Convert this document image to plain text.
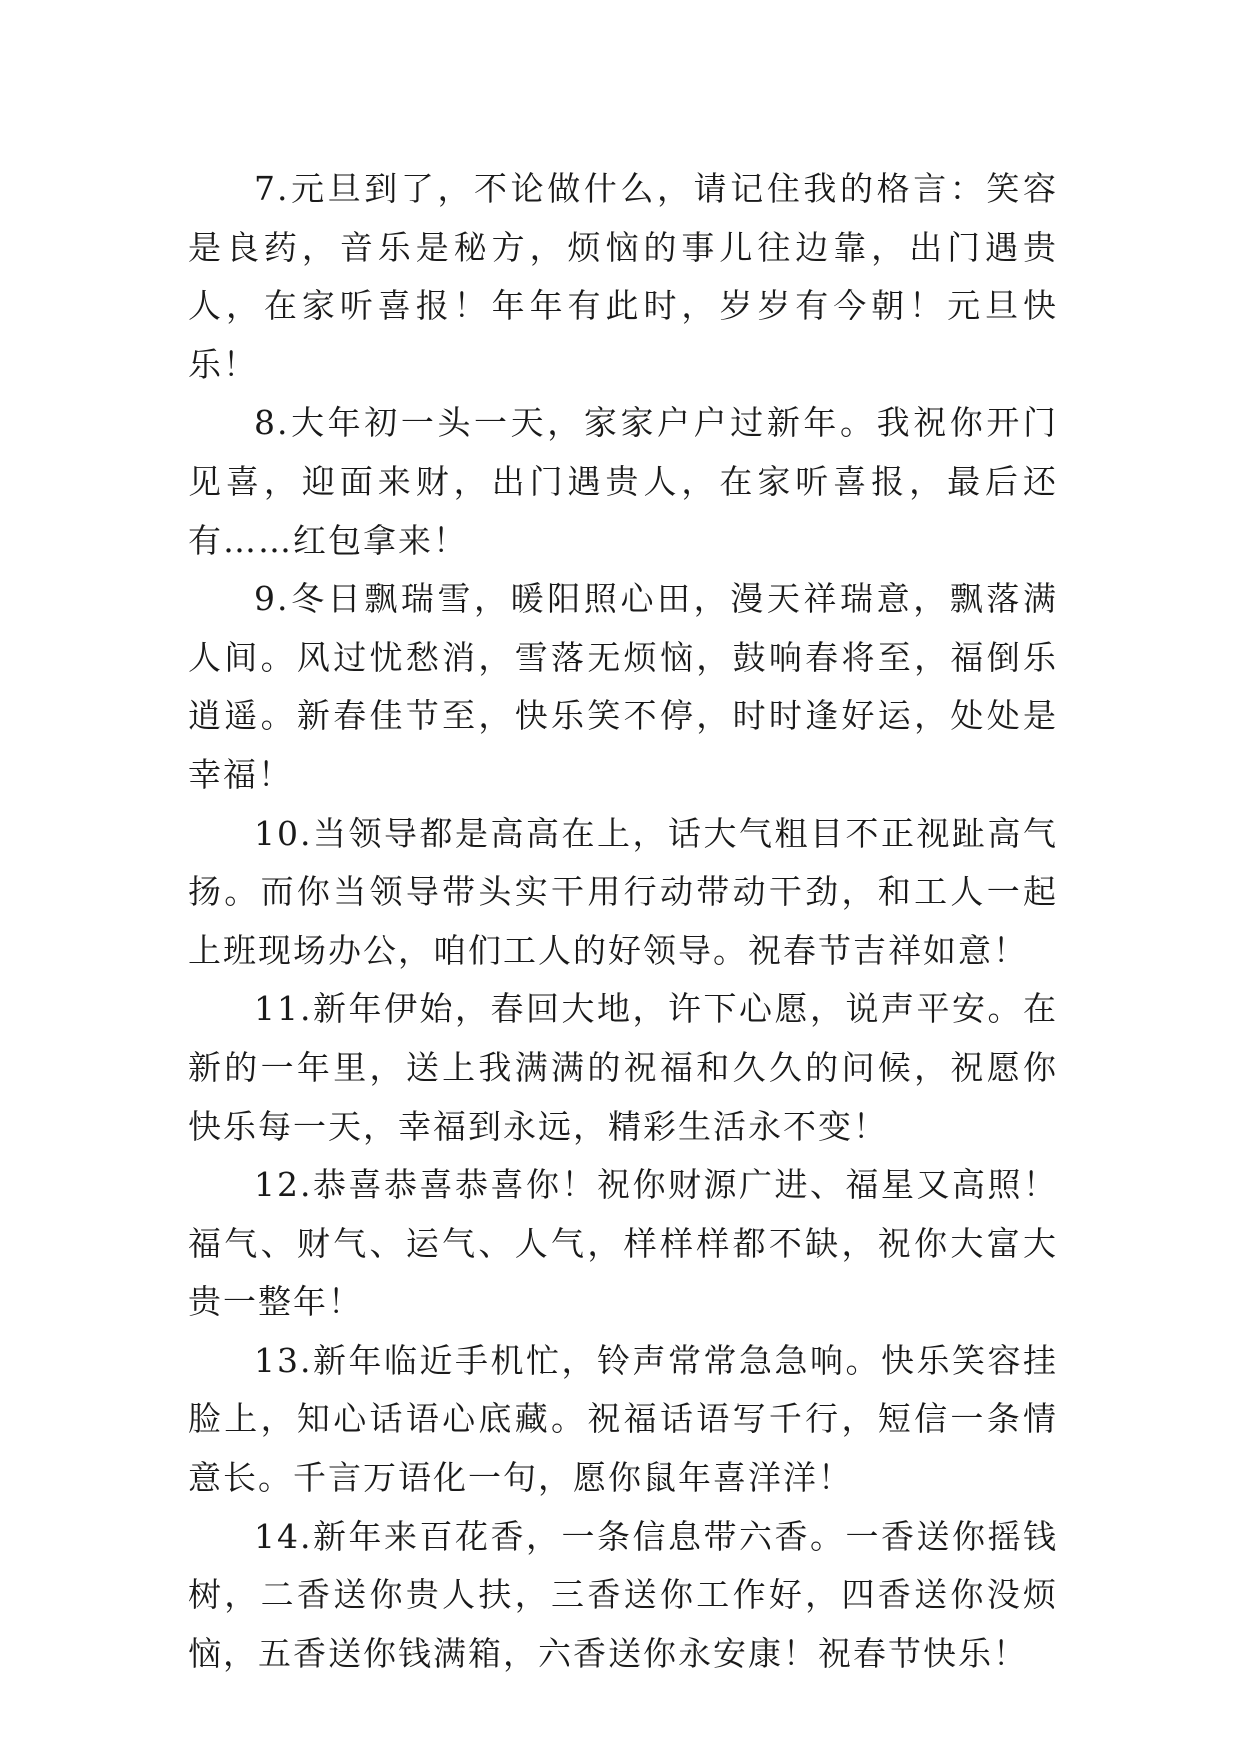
7.元旦到了，不论做什么，请记住我的格言：笑容是良药，音乐是秘方，烦恼的事儿往边靠，出门遇贵人，在家听喜报！年年有此时，岁岁有今朝！元旦快乐！

8.大年初一头一天，家家户户过新年。我祝你开门见喜，迎面来财，出门遇贵人，在家听喜报，最后还有……红包拿来！

9.冬日飘瑞雪，暖阳照心田，漫天祥瑞意，飘落满人间。风过忧愁消，雪落无烦恼，鼓响春将至，福倒乐逍遥。新春佳节至，快乐笑不停，时时逢好运，处处是幸福！

10.当领导都是高高在上，话大气粗目不正视趾高气扬。而你当领导带头实干用行动带动干劲，和工人一起上班现场办公，咱们工人的好领导。祝春节吉祥如意！

11.新年伊始，春回大地，许下心愿，说声平安。在新的一年里，送上我满满的祝福和久久的问候，祝愿你快乐每一天，幸福到永远，精彩生活永不变！

12.恭喜恭喜恭喜你！祝你财源广进、福星又高照！福气、财气、运气、人气，样样样都不缺，祝你大富大贵一整年！

13.新年临近手机忙，铃声常常急急响。快乐笑容挂脸上，知心话语心底藏。祝福话语写千行，短信一条情意长。千言万语化一句，愿你鼠年喜洋洋！

14.新年来百花香，一条信息带六香。一香送你摇钱树，二香送你贵人扶，三香送你工作好，四香送你没烦恼，五香送你钱满箱，六香送你永安康！祝春节快乐！
